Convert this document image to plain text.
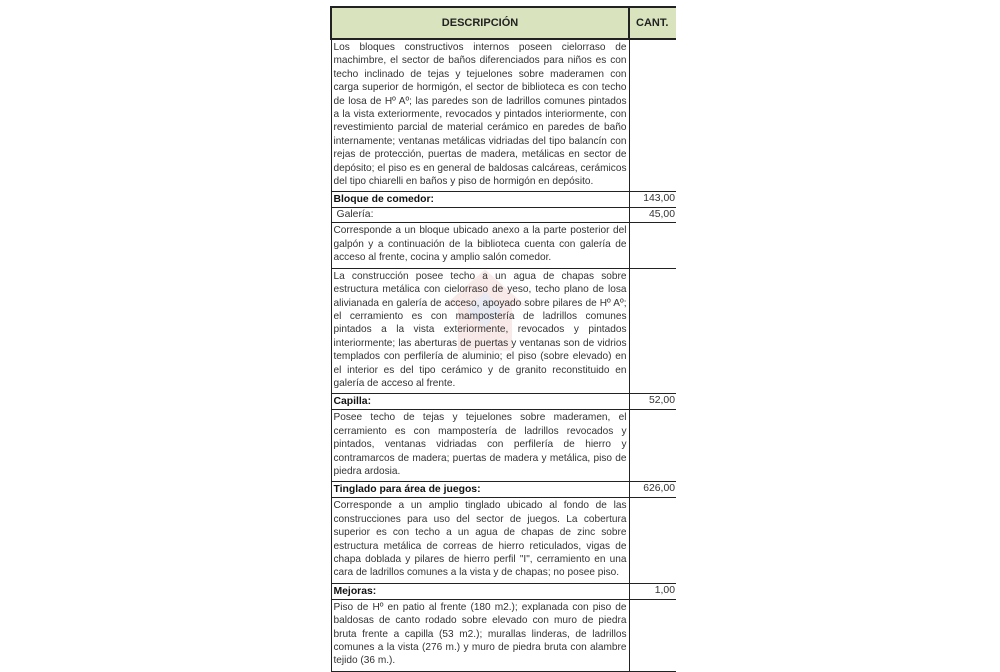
DESCRIPCIÓN	CANT.
Los bloques constructivos internos poseen cielorraso de machimbre, el sector de baños diferenciados para niños es con techo inclinado de tejas y tejuelones sobre maderamen con carga superior de hormigón, el sector de biblioteca es con techo de losa de Hº Aº; las paredes son de ladrillos comunes pintados a la vista exteriormente, revocados y pintados interiormente, con revestimiento parcial de material cerámico en paredes de baño internamente; ventanas metálicas vidriadas del tipo balancín con rejas de protección, puertas de madera, metálicas en sector de depósito; el piso es en general de baldosas calcáreas, cerámicos del tipo chiarelli en baños y piso de hormigón en depósito.	
Bloque de comedor:	143,00
Galería:	45,00
Corresponde a un bloque ubicado anexo a la parte posterior del galpón y a continuación de la biblioteca cuenta con galería de acceso al frente, cocina y amplio salón comedor.	
La construcción posee techo a un agua de chapas sobre estructura metálica con cielorraso de yeso, techo plano de losa alivianada en galería de acceso, apoyado sobre pilares de Hº Aº; el cerramiento es con mampostería de ladrillos comunes pintados a la vista exteriormente, revocados y pintados interiormente; las aberturas de puertas y ventanas son de vidrios templados con perfilería de aluminio; el piso (sobre elevado) en el interior es del tipo cerámico y de granito reconstituido en galería de acceso al frente.	
Capilla:	52,00
Posee techo de tejas y tejuelones sobre maderamen, el cerramiento es con mampostería de ladrillos revocados y pintados, ventanas vidriadas con perfilería de hierro y contramarcos de madera; puertas de madera y metálica, piso de piedra ardosia.	
Tinglado para área de juegos:	626,00
Corresponde a un amplio tinglado ubicado al fondo de las construcciones para uso del sector de juegos. La cobertura superior es con techo a un agua de chapas de zinc sobre estructura metálica de correas de hierro reticulados, vigas de chapa doblada y pilares de hierro perfil "I", cerramiento en una cara de ladrillos comunes a la vista y de chapas; no posee piso.	
Mejoras:	1,00
Piso de Hº en patio al frente (180 m2.); explanada con piso de baldosas de canto rodado sobre elevado con muro de piedra bruta frente a capilla (53 m2.); murallas linderas, de ladrillos comunes a la vista (276 m.) y muro de piedra bruta con alambre tejido (36 m.).	
